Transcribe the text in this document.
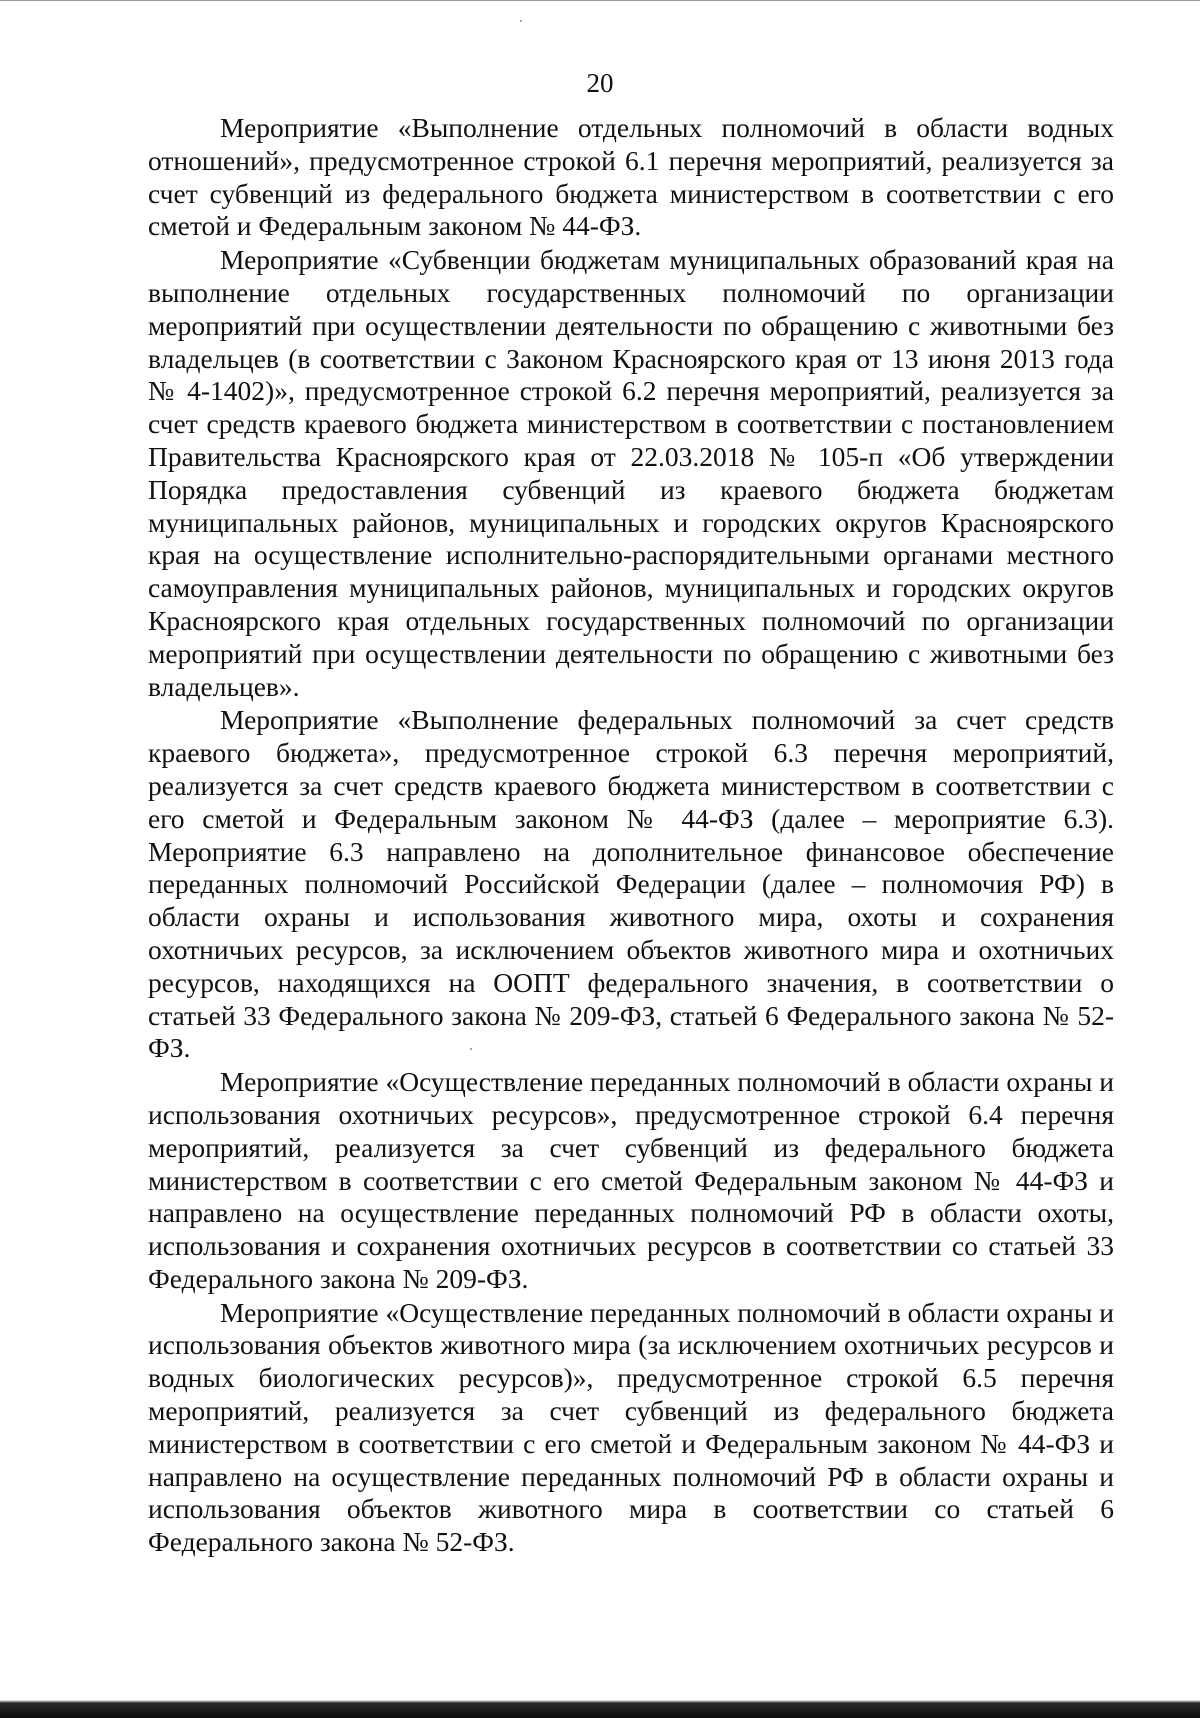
20

Мероприятие «Выполнение отдельных полномочий в области водных отношений», предусмотренное строкой 6.1 перечня мероприятий, реализуется за счет субвенций из федерального бюджета министерством в соответствии с его сметой и Федеральным законом № 44-ФЗ.

Мероприятие «Субвенции бюджетам муниципальных образований края на выполнение отдельных государственных полномочий по организации мероприятий при осуществлении деятельности по обращению с животными без владельцев (в соответствии с Законом Красноярского края от 13 июня 2013 года № 4-1402)», предусмотренное строкой 6.2 перечня мероприятий, реализуется за счет средств краевого бюджета министерством в соответствии с постановлением Правительства Красноярского края от 22.03.2018 № 105-п «Об утверждении Порядка предоставления субвенций из краевого бюджета бюджетам муниципальных районов, муниципальных и городских округов Красноярского края на осуществление исполнительно-распорядительными органами местного самоуправления муниципальных районов, муниципальных и городских округов Красноярского края отдельных государственных полномочий по организации мероприятий при осуществлении деятельности по обращению с животными без владельцев».

Мероприятие «Выполнение федеральных полномочий за счет средств краевого бюджета», предусмотренное строкой 6.3 перечня мероприятий, реализуется за счет средств краевого бюджета министерством в соответствии с его сметой и Федеральным законом № 44-ФЗ (далее – мероприятие 6.3). Мероприятие 6.3 направлено на дополнительное финансовое обеспечение переданных полномочий Российской Федерации (далее – полномочия РФ) в области охраны и использования животного мира, охоты и сохранения охотничьих ресурсов, за исключением объектов животного мира и охотничьих ресурсов, находящихся на ООПТ федерального значения, в соответствии о статьей 33 Федерального закона № 209-ФЗ, статьей 6 Федерального закона № 52-ФЗ.

Мероприятие «Осуществление переданных полномочий в области охраны и использования охотничьих ресурсов», предусмотренное строкой 6.4 перечня мероприятий, реализуется за счет субвенций из федерального бюджета министерством в соответствии с его сметой Федеральным законом № 44-ФЗ и направлено на осуществление переданных полномочий РФ в области охоты, использования и сохранения охотничьих ресурсов в соответствии со статьей 33 Федерального закона № 209-ФЗ.

Мероприятие «Осуществление переданных полномочий в области охраны и использования объектов животного мира (за исключением охотничьих ресурсов и водных биологических ресурсов)», предусмотренное строкой 6.5 перечня мероприятий, реализуется за счет субвенций из федерального бюджета министерством в соответствии с его сметой и Федеральным законом № 44-ФЗ и направлено на осуществление переданных полномочий РФ в области охраны и использования объектов животного мира в соответствии со статьей 6 Федерального закона № 52-ФЗ.
